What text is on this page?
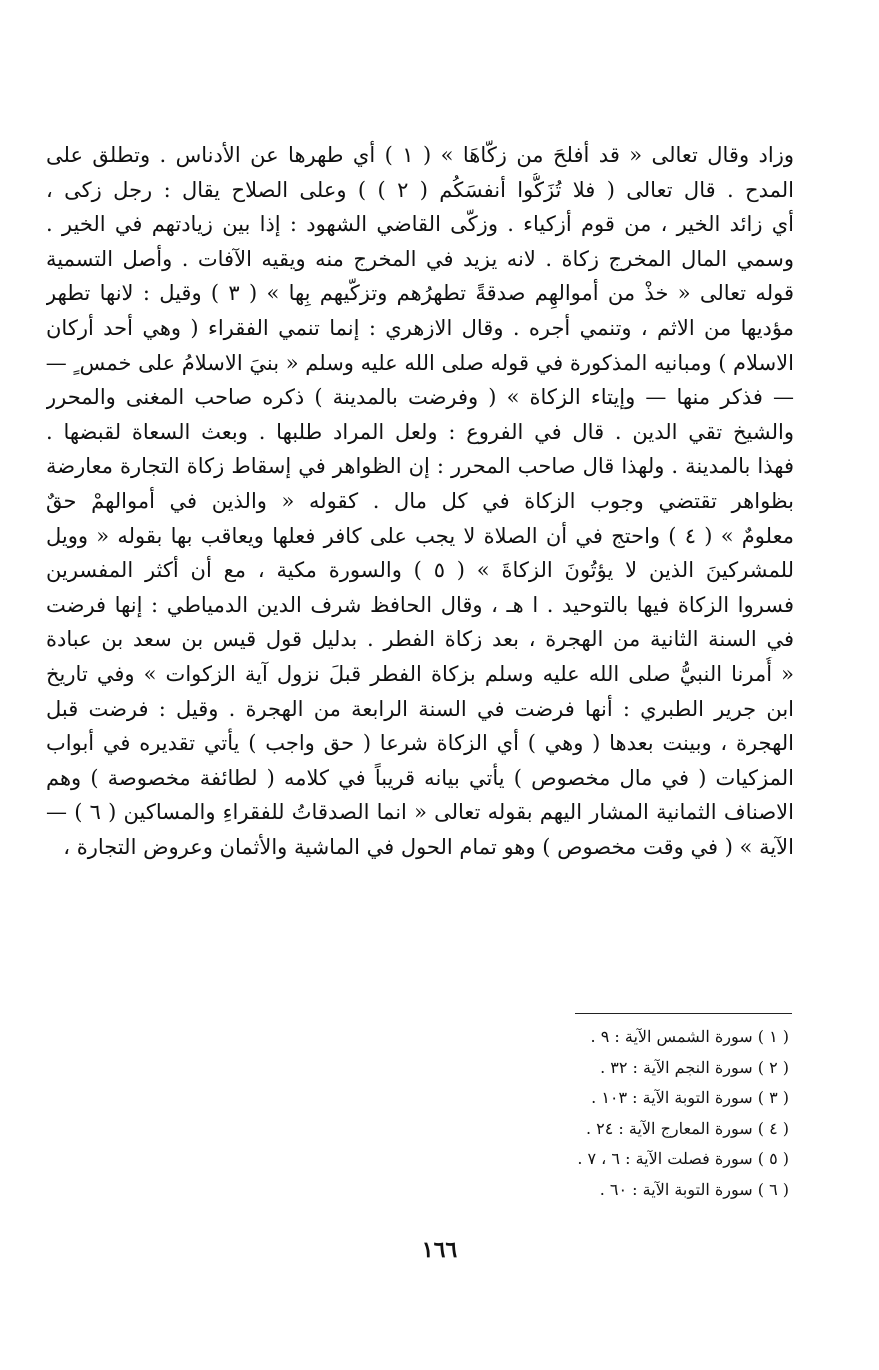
وزاد وقال تعالى « قد أفلحَ من زكّاهَا » ( ١ ) أي طهرها عن الأدناس . وتطلق على
المدح . قال تعالى ( فلا تُزَكُّوا أنفسَكُم ( ٢ ) ) وعلى الصلاح يقال : رجل زكى ،
أي زائد الخير ، من قوم أزكياء . وزكّى القاضي الشهود : إذا بين زيادتهم في الخير .
وسمي المال المخرج زكاة . لانه يزيد في المخرج منه ويقيه الآفات . وأصل التسمية
قوله تعالى « خذْ من أموالهِم صدقةً تطهرُهم وتزكّيهم بِها » ( ٣ ) وقيل : لانها تطهر
مؤديها من الاثم ، وتنمي أجره . وقال الازهري : إنما تنمي الفقراء ( وهي أحد أركان
الاسلام ) ومبانيه المذكورة في قوله صلى الله عليه وسلم « بنيَ الاسلامُ على خمس ٍ —
— فذكر منها — وإيتاء الزكاة » ( وفرضت بالمدينة ) ذكره صاحب المغنى والمحرر
والشيخ تقي الدين . قال في الفروع : ولعل المراد طلبها . وبعث السعاة لقبضها .
فهذا بالمدينة . ولهذا قال صاحب المحرر : إن الظواهر في إسقاط زكاة التجارة معارضة
بظواهر تقتضي وجوب الزكاة في كل مال . كقوله « والذين في أموالهمْ حقٌ
معلومٌ » ( ٤ ) واحتج في أن الصلاة لا يجب على كافر فعلها ويعاقب بها بقوله « وويل
للمشركينَ الذين لا يؤتُونَ الزكاةَ » ( ٥ ) والسورة مكية ، مع أن أكثر المفسرين
فسروا الزكاة فيها بالتوحيد . ا هـ ، وقال الحافظ شرف الدين الدمياطي : إنها فرضت
في السنة الثانية من الهجرة ، بعد زكاة الفطر . بدليل قول قيس بن سعد بن عبادة
« أُمرنا النبيُّ صلى الله عليه وسلم بزكاة الفطر قبلَ نزول آية الزكوات » وفي تاريخ
ابن جرير الطبري : أنها فرضت في السنة الرابعة من الهجرة . وقيل : فرضت قبل
الهجرة ، وبينت بعدها ( وهي ) أي الزكاة شرعا ( حق واجب ) يأتي تقديره في أبواب
المزكيات ( في مال مخصوص ) يأتي بيانه قريباً في كلامه ( لطائفة مخصوصة ) وهم
الاصناف الثمانية المشار اليهم بقوله تعالى « انما الصدقاتُ للفقراءِ والمساكين ( ٦ ) —
الآية » ( في وقت مخصوص ) وهو تمام الحول في الماشية والأثمان وعروض التجارة ،
( ١ ) سورة الشمس الآية : ٩ .
( ٢ ) سورة النجم الآية : ٣٢ .
( ٣ ) سورة التوبة الآية : ١٠٣ .
( ٤ ) سورة المعارج الآية : ٢٤ .
( ٥ ) سورة فصلت الآية : ٦ ، ٧ .
( ٦ ) سورة التوبة الآية : ٦٠ .
١٦٦
